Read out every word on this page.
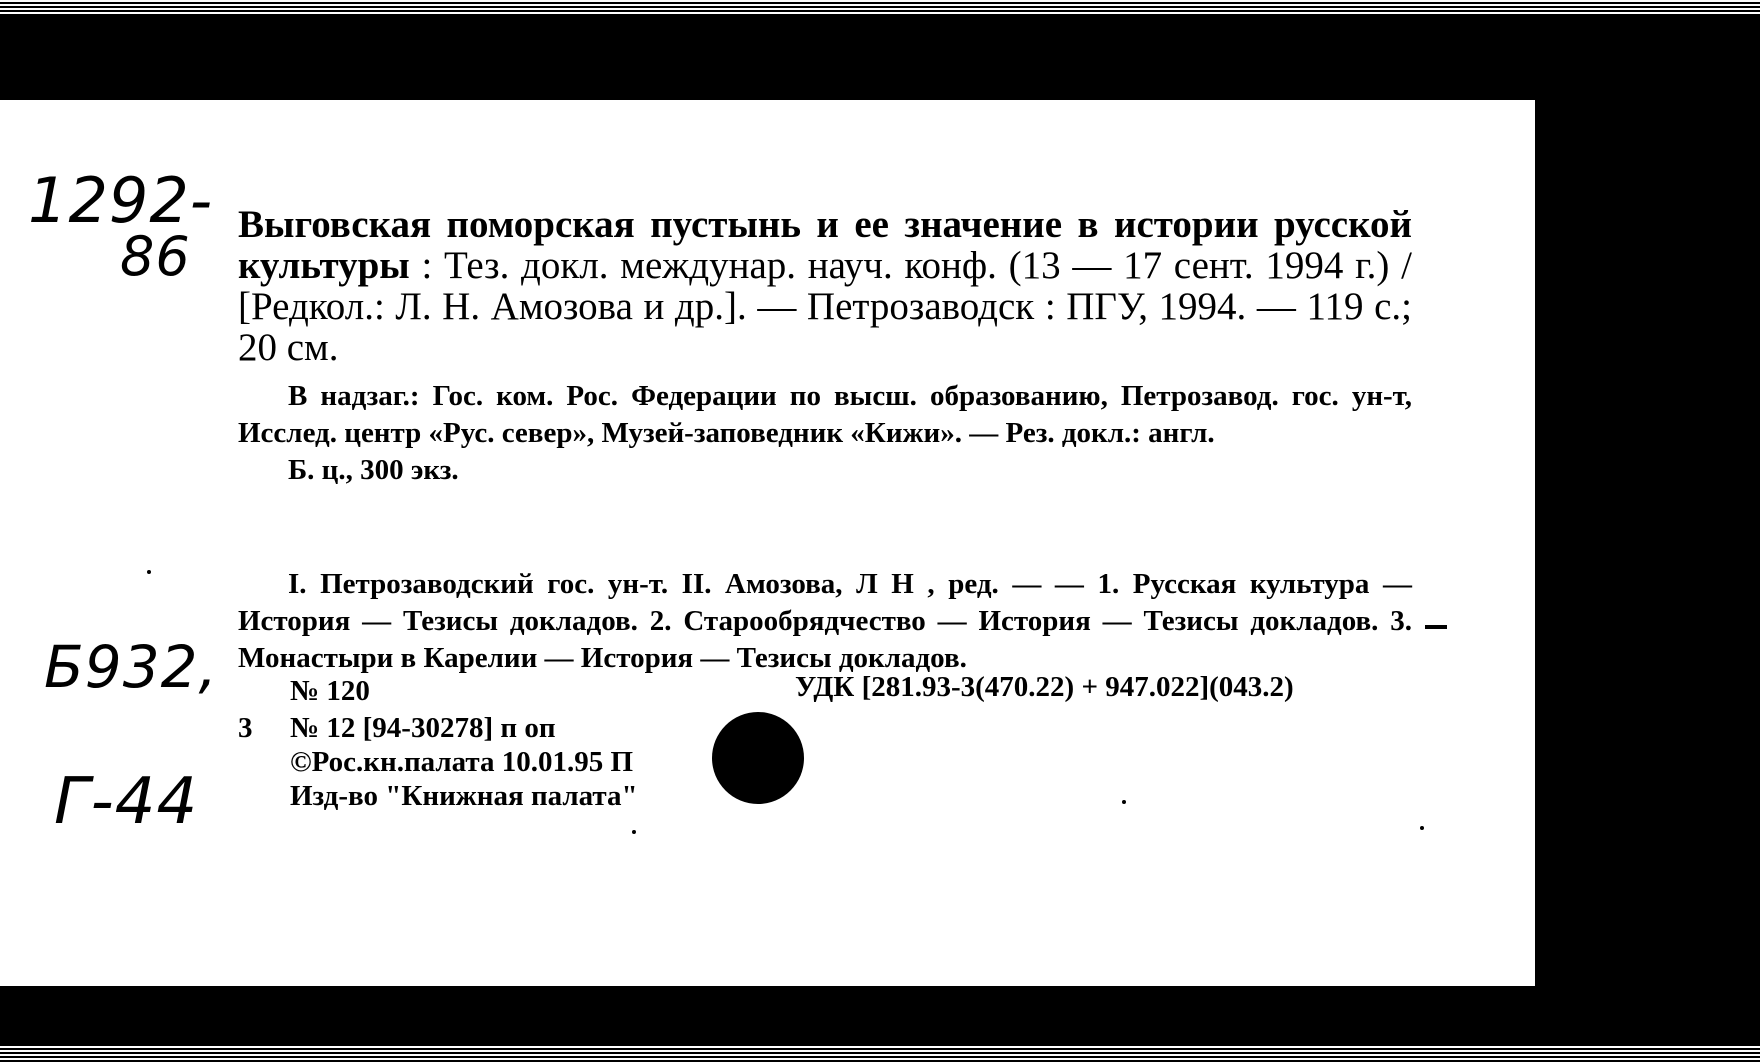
1292-
86
Б932,
Г-44
Выговская поморская пустынь и ее значение в истории русской культуры : Тез. докл. междунар. науч. конф. (13 — 17 сент. 1994 г.) / [Редкол.: Л. Н. Амозова и др.]. — Петрозаводск : ПГУ, 1994. — 119 с.; 20 см.

В надзаг.: Гос. ком. Рос. Федерации по высш. образованию, Петрозавод. гос. ун-т, Исслед. центр «Рус. север», Музей-заповедник «Кижи». — Рез. докл.: англ.

Б. ц., 300 экз.

I. Петрозаводский гос. ун-т. II. Амозова, Л Н , ред. — — 1. Русская культура — История — Тезисы докладов. 2. Старообрядчество — История — Тезисы докладов. 3. Монастыри в Карелии — История — Тезисы докладов.
№ 120	УДК [281.93-3(470.22) + 947.022](043.2)
3 № 12 [94-30278] п оп
©Рос.кн.палата 10.01.95 П
Изд-во "Книжная палата"
